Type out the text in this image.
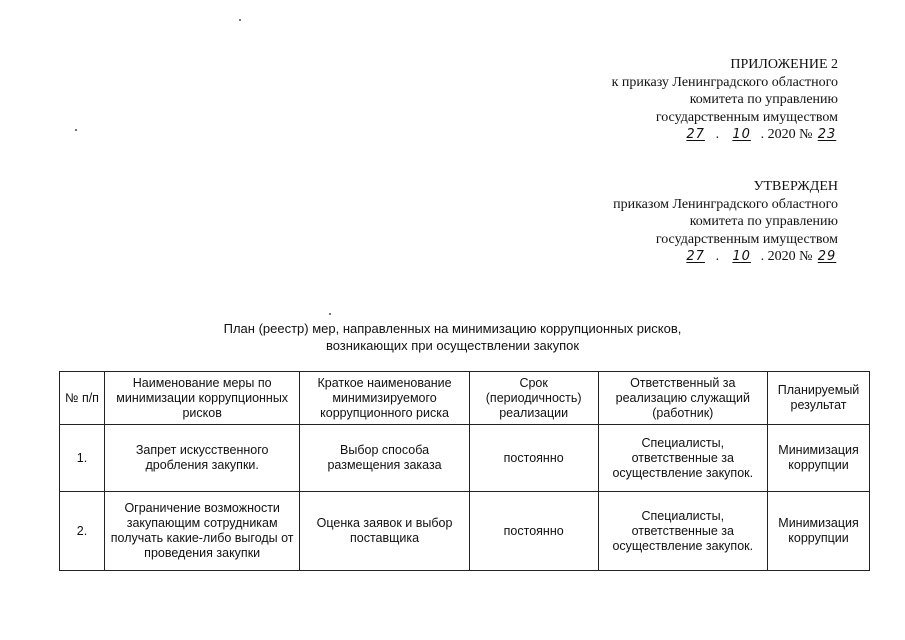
ПРИЛОЖЕНИЕ 2
к приказу Ленинградского областного
комитета по управлению
государственным имуществом
27 . 10 . 2020 № 23
УТВЕРЖДЕН
приказом Ленинградского областного
комитета по управлению
государственным имуществом
27 . 10 . 2020 № 29
План (реестр) мер, направленных на минимизацию коррупционных рисков,
возникающих при осуществлении закупок
№ п/п	Наименование меры по минимизации коррупционных рисков	Краткое наименование минимизируемого коррупционного риска	Срок (периодичность) реализации	Ответственный за реализацию служащий (работник)	Планируемый результат
1.	Запрет искусственного дробления закупки.	Выбор способа размещения заказа	постоянно	Специалисты, ответственные за осуществление закупок.	Минимизация коррупции
2.	Ограничение возможности закупающим сотрудникам получать какие-либо выгоды от проведения закупки	Оценка заявок и выбор поставщика	постоянно	Специалисты, ответственные за осуществление закупок.	Минимизация коррупции
